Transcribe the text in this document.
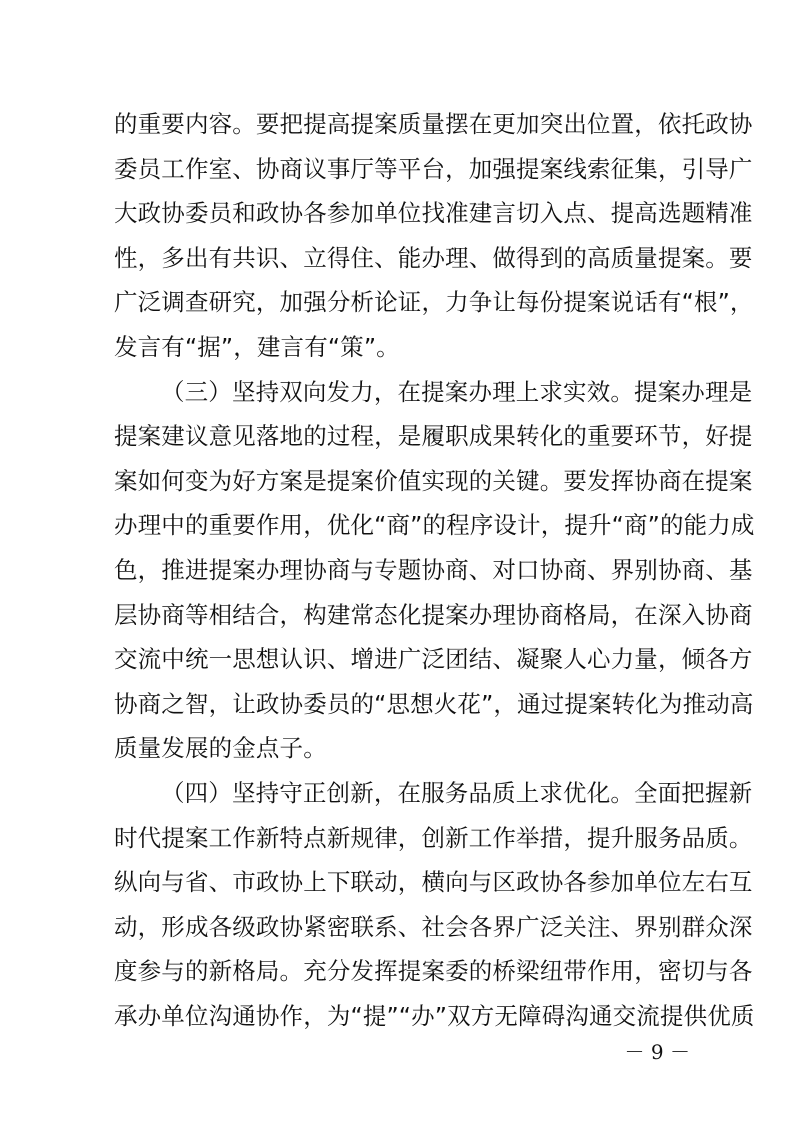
的重要内容。要把提高提案质量摆在更加突出位置，依托政协
委员工作室、协商议事厅等平台，加强提案线索征集，引导广
大政协委员和政协各参加单位找准建言切入点、提高选题精准
性，多出有共识、立得住、能办理、做得到的高质量提案。要
广泛调查研究，加强分析论证，力争让每份提案说话有“根”，
发言有“据”，建言有“策”。
（三）坚持双向发力，在提案办理上求实效。提案办理是
提案建议意见落地的过程，是履职成果转化的重要环节，好提
案如何变为好方案是提案价值实现的关键。要发挥协商在提案
办理中的重要作用，优化“商”的程序设计，提升“商”的能力成
色，推进提案办理协商与专题协商、对口协商、界别协商、基
层协商等相结合，构建常态化提案办理协商格局，在深入协商
交流中统一思想认识、增进广泛团结、凝聚人心力量，倾各方
协商之智，让政协委员的“思想火花”，通过提案转化为推动高
质量发展的金点子。
（四）坚持守正创新，在服务品质上求优化。全面把握新
时代提案工作新特点新规律，创新工作举措，提升服务品质。
纵向与省、市政协上下联动，横向与区政协各参加单位左右互
动，形成各级政协紧密联系、社会各界广泛关注、界别群众深
度参与的新格局。充分发挥提案委的桥梁纽带作用，密切与各
承办单位沟通协作，为“提”“办”双方无障碍沟通交流提供优质
－ 9 －
